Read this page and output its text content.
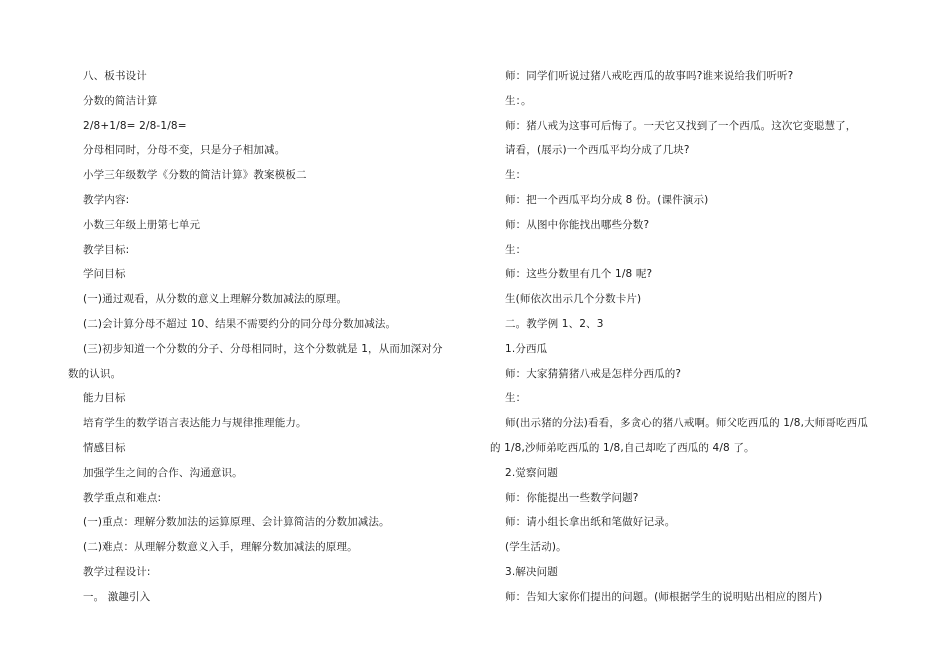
八、板书设计
分数的简洁计算
2/8+1/8= 2/8-1/8=
分母相同时，分母不变，只是分子相加减。
小学三年级数学《分数的简洁计算》教案模板二
教学内容:
小数三年级上册第七单元
教学目标:
学问目标
(一)通过观看，从分数的意义上理解分数加减法的原理。
(二)会计算分母不超过 10、结果不需要约分的同分母分数加减法。
(三)初步知道一个分数的分子、分母相同时，这个分数就是 1，从而加深对分
数的认识。
能力目标
培育学生的数学语言表达能力与规律推理能力。
情感目标
加强学生之间的合作、沟通意识。
教学重点和难点:
(一)重点：理解分数加法的运算原理、会计算简洁的分数加减法。
(二)难点：从理解分数意义入手，理解分数加减法的原理。
教学过程设计:
一。 激趣引入
师：同学们听说过猪八戒吃西瓜的故事吗?谁来说给我们听听?
生：。
师：猪八戒为这事可后悔了。一天它又找到了一个西瓜。这次它变聪慧了，
请看，(展示)一个西瓜平均分成了几块?
生：
师：把一个西瓜平均分成 8 份。(课件演示)
师：从图中你能找出哪些分数?
生：
师：这些分数里有几个 1/8 呢?
生(师依次出示几个分数卡片)
二。教学例 1、2、3
1.分西瓜
师：大家猜猜猪八戒是怎样分西瓜的?
生：
师(出示猪的分法)看看，多贪心的猪八戒啊。师父吃西瓜的 1/8,大师哥吃西瓜
的 1/8,沙师弟吃西瓜的 1/8,自己却吃了西瓜的 4/8 了。
2.觉察问题
师：你能提出一些数学问题?
师：请小组长拿出纸和笔做好记录。
(学生活动)。
3.解决问题
师：告知大家你们提出的问题。(师根据学生的说明贴出相应的图片)
